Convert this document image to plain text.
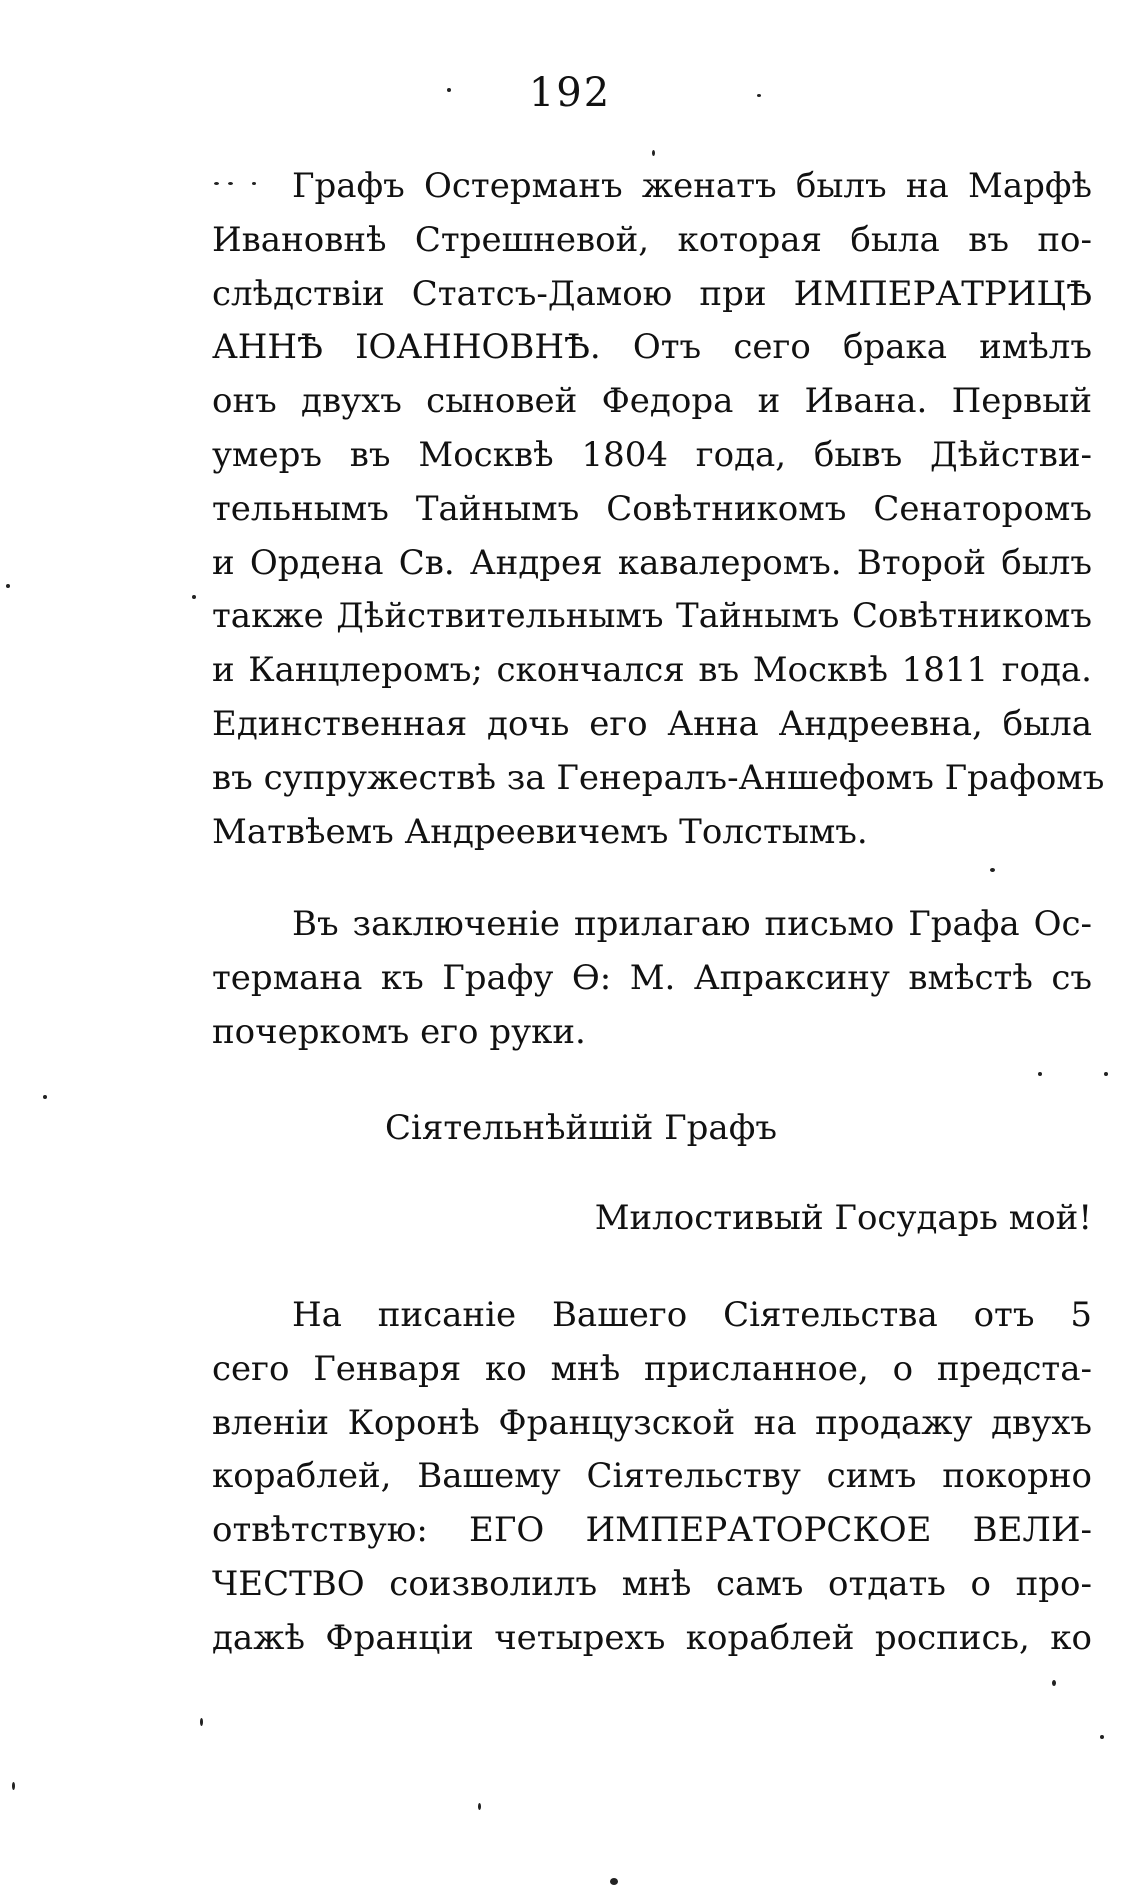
192
Графъ Остерманъ женатъ былъ на Марфѣ
Ивановнѣ Стрешневой, которая была въ по-
слѣдствіи Статсъ-Дамою при ИМПЕРАТРИЦѢ
АННѢ ІОАННОВНѢ. Отъ сего брака имѣлъ
онъ двухъ сыновей Федора и Ивана. Первый
умеръ въ Москвѣ 1804 года, бывъ Дѣйстви-
тельнымъ Тайнымъ Совѣтникомъ Сенаторомъ
и Ордена Св. Андрея кавалеромъ. Второй былъ
также Дѣйствительнымъ Тайнымъ Совѣтникомъ
и Канцлеромъ; скончался въ Москвѣ 1811 года.
Единственная дочь его Анна Андреевна, была
въ супружествѣ за Генералъ-Аншефомъ Графомъ
Матвѣемъ Андреевичемъ Толстымъ.
Въ заключеніе прилагаю письмо Графа Ос-
термана къ Графу Ѳ: М. Апраксину вмѣстѣ съ
почеркомъ его руки.
Сіятельнѣйшій Графъ
Милостивый Государь мой!
На писаніе Вашего Сіятельства отъ 5
сего Генваря ко мнѣ присланное, о предста-
вленіи Коронѣ Французской на продажу двухъ
кораблей, Вашему Сіятельству симъ покорно
отвѣтствую: ЕГО ИМПЕРАТОРСКОЕ ВЕЛИ-
ЧЕСТВО соизволилъ мнѣ самъ отдать о про-
дажѣ Франціи четырехъ кораблей роспись, ко
